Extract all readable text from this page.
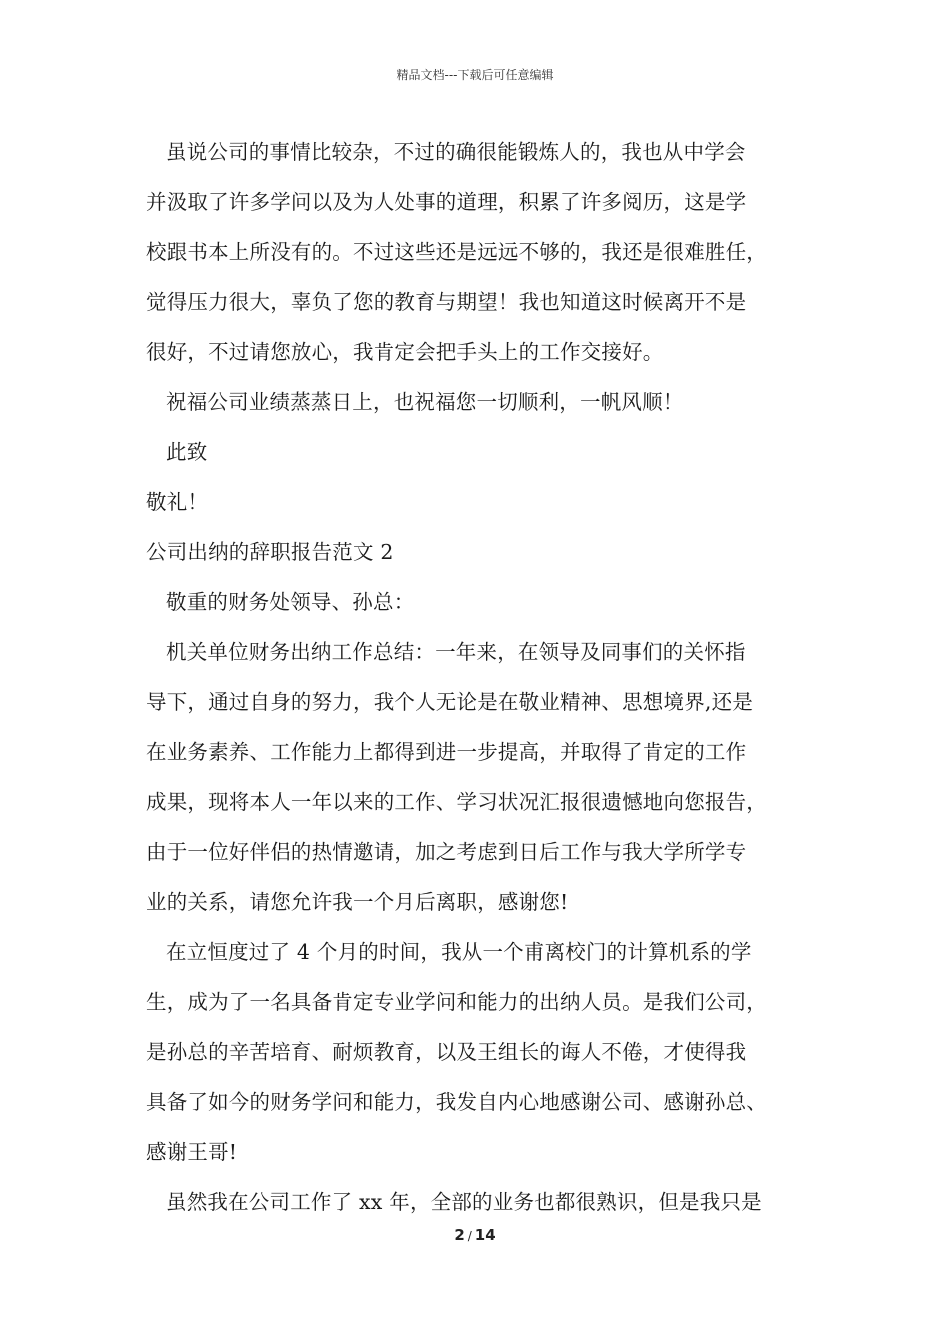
精品文档---下载后可任意编辑
虽说公司的事情比较杂，不过的确很能锻炼人的，我也从中学会
并汲取了许多学问以及为人处事的道理，积累了许多阅历，这是学
校跟书本上所没有的。不过这些还是远远不够的，我还是很难胜任，
觉得压力很大，辜负了您的教育与期望！我也知道这时候离开不是
很好，不过请您放心，我肯定会把手头上的工作交接好。
祝福公司业绩蒸蒸日上，也祝福您一切顺利，一帆风顺！
此致
敬礼！
公司出纳的辞职报告范文 2
敬重的财务处领导、孙总：
机关单位财务出纳工作总结：一年来，在领导及同事们的关怀指
导下，通过自身的努力，我个人无论是在敬业精神、思想境界,还是
在业务素养、工作能力上都得到进一步提高，并取得了肯定的工作
成果，现将本人一年以来的工作、学习状况汇报很遗憾地向您报告，
由于一位好伴侣的热情邀请，加之考虑到日后工作与我大学所学专
业的关系，请您允许我一个月后离职，感谢您!
在立恒度过了 4 个月的时间，我从一个甫离校门的计算机系的学
生，成为了一名具备肯定专业学问和能力的出纳人员。是我们公司，
是孙总的辛苦培育、耐烦教育，以及王组长的诲人不倦，才使得我
具备了如今的财务学问和能力，我发自内心地感谢公司、感谢孙总、
感谢王哥!
虽然我在公司工作了 xx 年，全部的业务也都很熟识，但是我只是
2 / 14
